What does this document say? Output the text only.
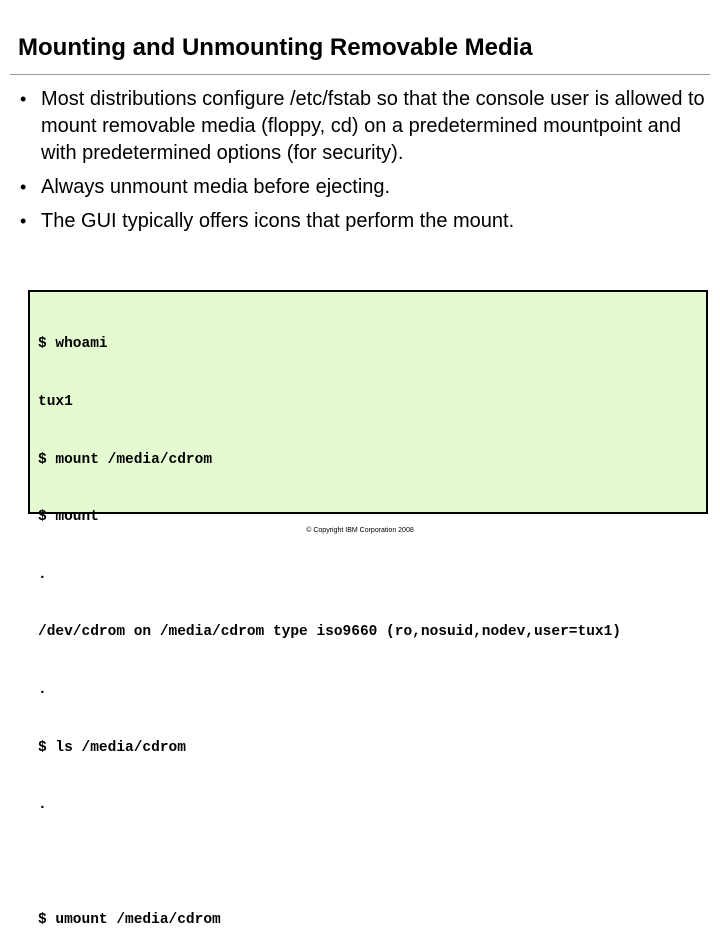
Mounting and Unmounting Removable Media
• Most distributions configure /etc/fstab so that the console user is allowed to mount removable media (floppy, cd) on a predetermined mountpoint and with predetermined options (for security).
• Always unmount media before ejecting.
• The GUI typically offers icons that perform the mount.

$ whoami

tux1

$ mount /media/cdrom

$ mount

.

/dev/cdrom on /media/cdrom type iso9660 (ro,nosuid,nodev,user=tux1)

.

$ ls /media/cdrom

.

$ umount /media/cdrom

© Copyright IBM Corporation 2008
